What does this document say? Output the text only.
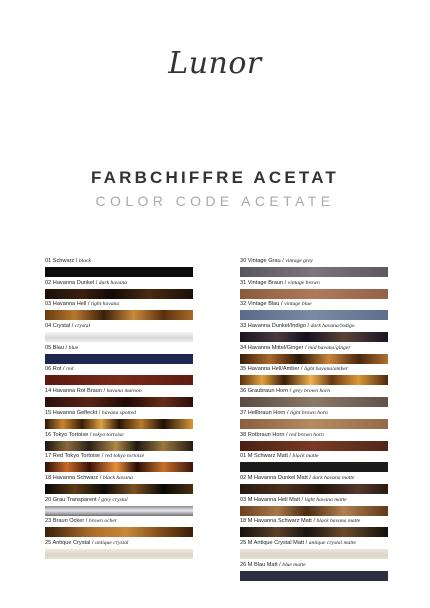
Lunor
FARBCHIFFRE ACETAT
COLOR CODE ACETATE
01 Schwarz / black
02 Havanna Dunkel / dark havana
03 Havanna Hell / light havana
04 Crystal / crystal
05 Blau / blue
06 Rot / red
14 Havanna Rot Braun / havana maroon
15 Havanna Gefleckt / havana spotted
16 Tokyo Tortoise / tokyo tortoise
17 Red Tokyo Tortoise / red tokyo tortoise
18 Havanna Schwarz / black havana
20 Grau Transparent / grey crystal
23 Braun Ocker / brown ocher
25 Antique Crystal / antique crystal
30 Vintage Grau / vintage grey
31 Vintage Braun / vintage brown
32 Vintage Blau / vintage blue
33 Havanna Dunkel/Indigo / dark havana/indigo
34 Havanna Mittel/Ginger / mid havana/ginger
35 Havanna Hell/Amber / light havana/amber
36 Graubraun Horn / grey brown horn
37 Hellbraun Horn / light brown horn
38 Rotbraun Horn / red brown horn
01 M Schwarz Matt / black matte
02 M Havanna Dunkel Matt / dark havana matte
03 M Havanna Hell Matt / light havana matte
18 M Havanna Schwarz Matt / black havana matte
25 M Antique Crystal Matt / antique crystal matte
26 M Blau Matt / blue matte
